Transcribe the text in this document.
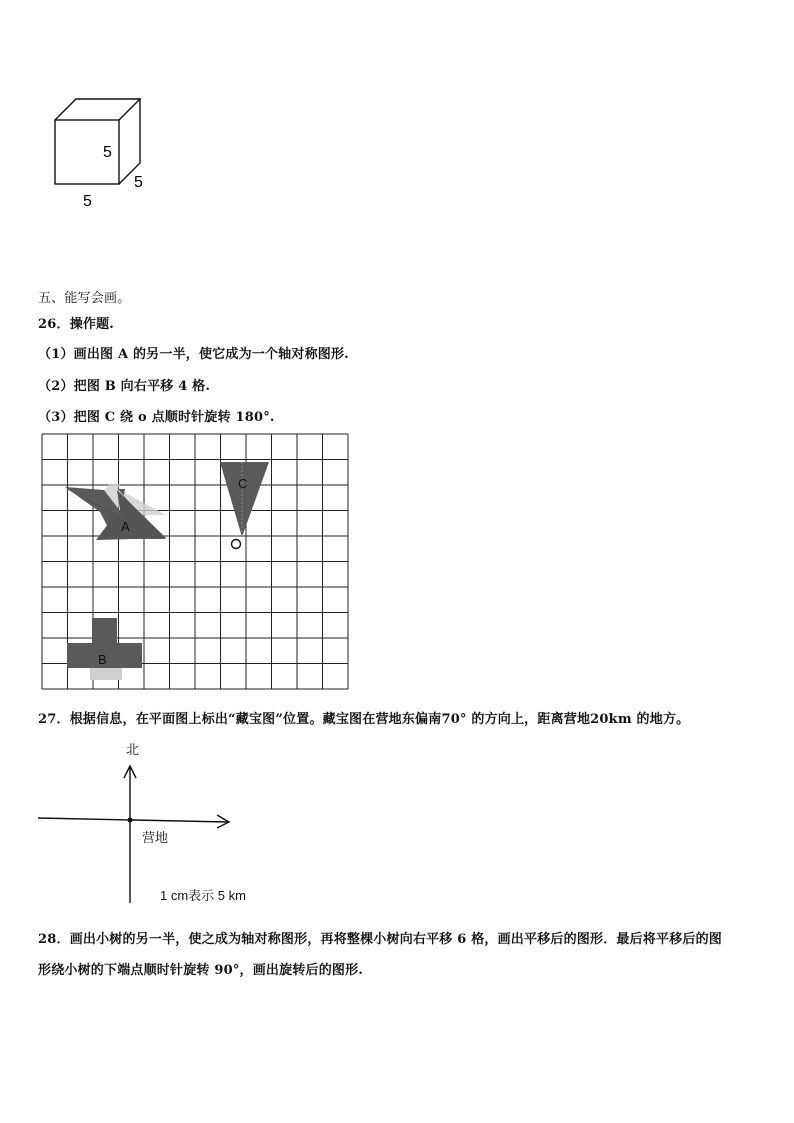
5
5
5
五、能写会画。
26．操作题.
（1）画出图 A 的另一半，使它成为一个轴对称图形.
（2）把图 B 向右平移 4 格.
（3）把图 C 绕 o 点顺时针旋转 180°.
A
C
B
27．根据信息，在平面图上标出“藏宝图”位置。藏宝图在营地东偏南70° 的方向上，距离营地20km 的地方。
北
营地
1 cm表示 5 km
28．画出小树的另一半，使之成为轴对称图形，再将整棵小树向右平移 6 格，画出平移后的图形．最后将平移后的图
形绕小树的下端点顺时针旋转 90°，画出旋转后的图形.
